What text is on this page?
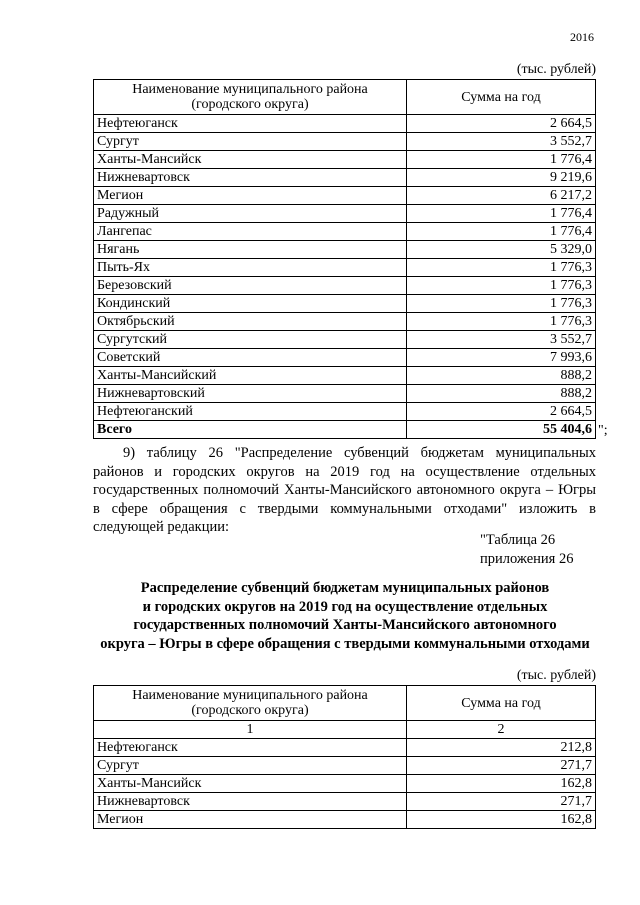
2016
(тыс. рублей)
Наименование муниципального района (городского округа)	Сумма на год
Нефтеюганск	2 664,5
Сургут	3 552,7
Ханты-Мансийск	1 776,4
Нижневартовск	9 219,6
Мегион	6 217,2
Радужный	1 776,4
Лангепас	1 776,4
Нягань	5 329,0
Пыть-Ях	1 776,3
Березовский	1 776,3
Кондинский	1 776,3
Октябрьский	1 776,3
Сургутский	3 552,7
Советский	7 993,6
Ханты-Мансийский	888,2
Нижневартовский	888,2
Нефтеюганский	2 664,5
Всего	55 404,6 ";

9) таблицу 26 "Распределение субвенций бюджетам муниципальных районов и городских округов на 2019 год на осуществление отдельных государственных полномочий Ханты-Мансийского автономного округа – Югры в сфере обращения с твердыми коммунальными отходами" изложить в следующей редакции:

"Таблица 26
приложения 26
Распределение субвенций бюджетам муниципальных районов
и городских округов на 2019 год на осуществление отдельных
государственных полномочий Ханты-Мансийского автономного
округа – Югры в сфере обращения с твердыми коммунальными отходами
(тыс. рублей)
Наименование муниципального района (городского округа)	Сумма на год
1	2
Нефтеюганск	212,8
Сургут	271,7
Ханты-Мансийск	162,8
Нижневартовск	271,7
Мегион	162,8
